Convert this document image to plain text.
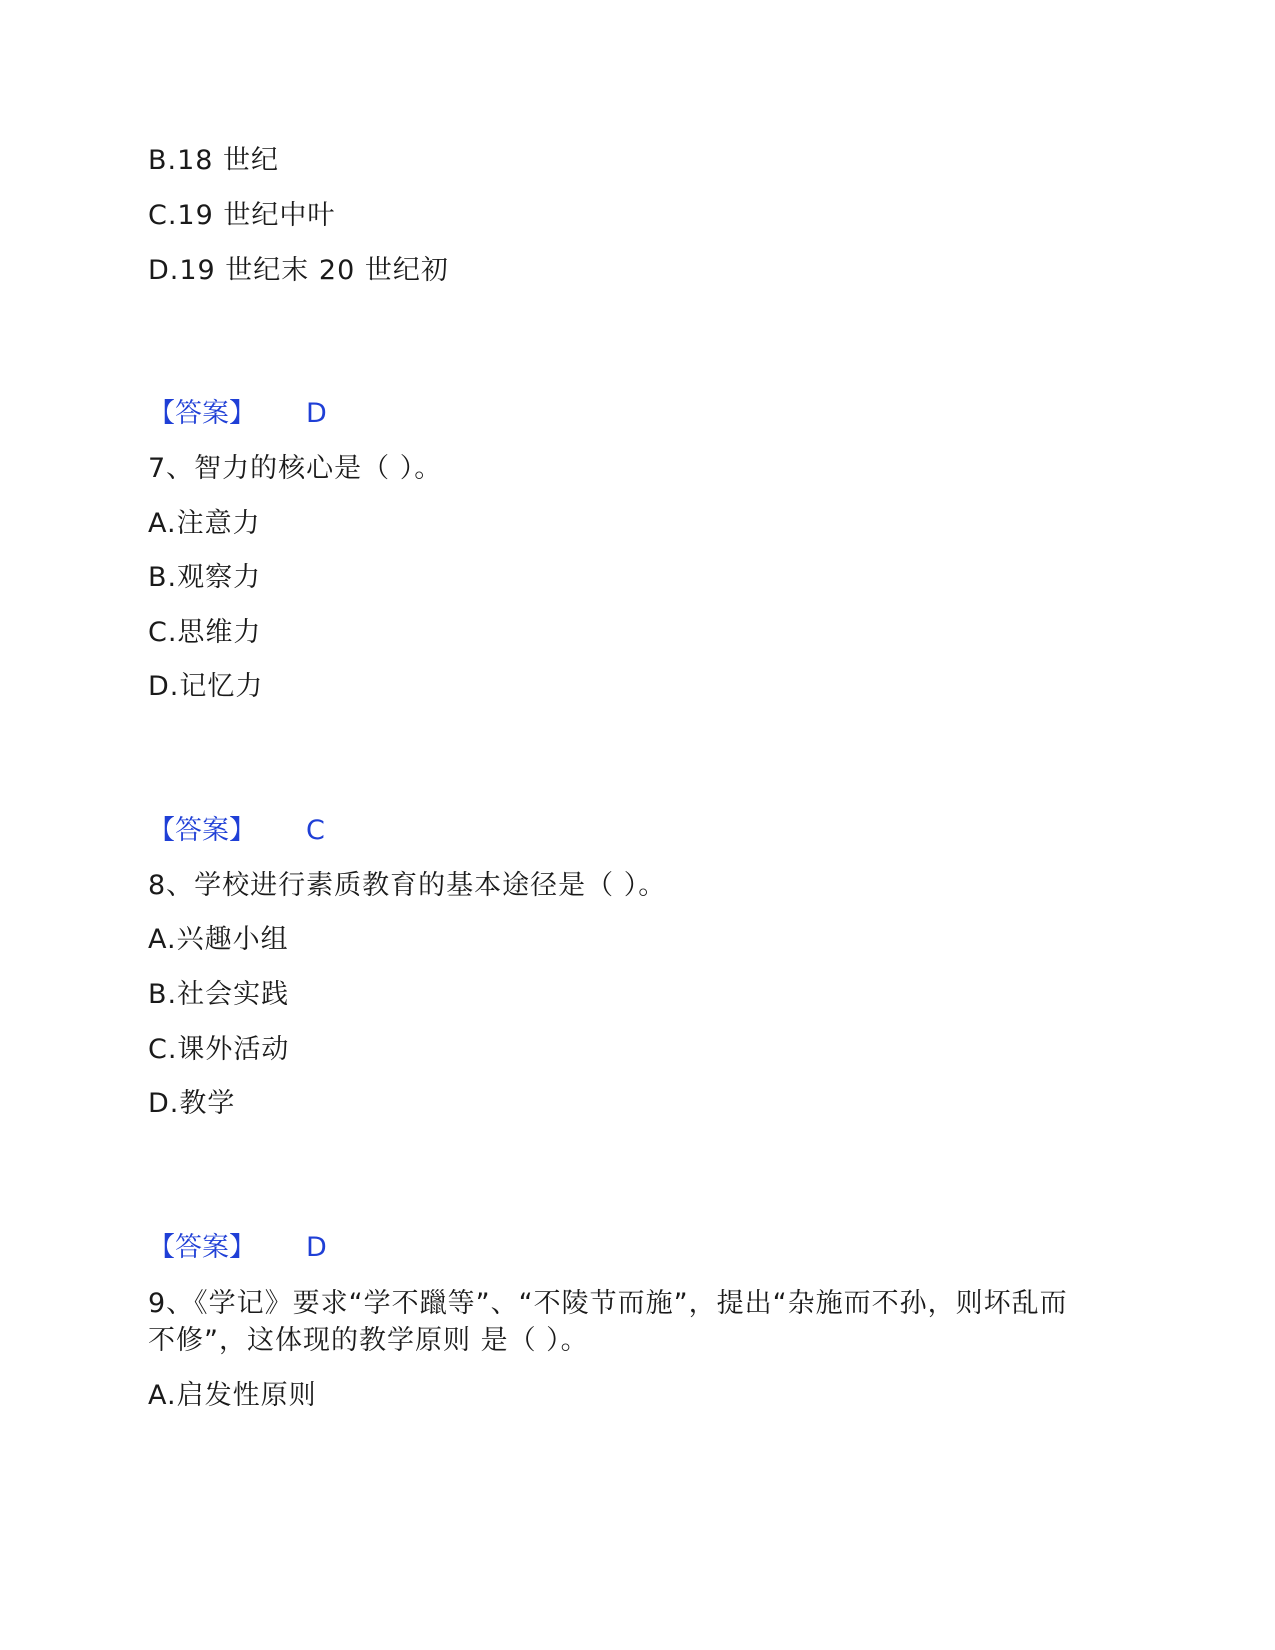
B.18 世纪
C.19 世纪中叶
D.19 世纪末 20 世纪初
【答案】 D
7、智力的核心是（ ）。
A.注意力
B.观察力
C.思维力
D.记忆力
【答案】 C
8、学校进行素质教育的基本途径是（ ）。
A.兴趣小组
B.社会实践
C.课外活动
D.教学
【答案】 D
9、《学记》要求“学不躐等”、“不陵节而施”，提出“杂施而不孙，则坏乱而
不修”，这体现的教学原则 是（ ）。
A.启发性原则
